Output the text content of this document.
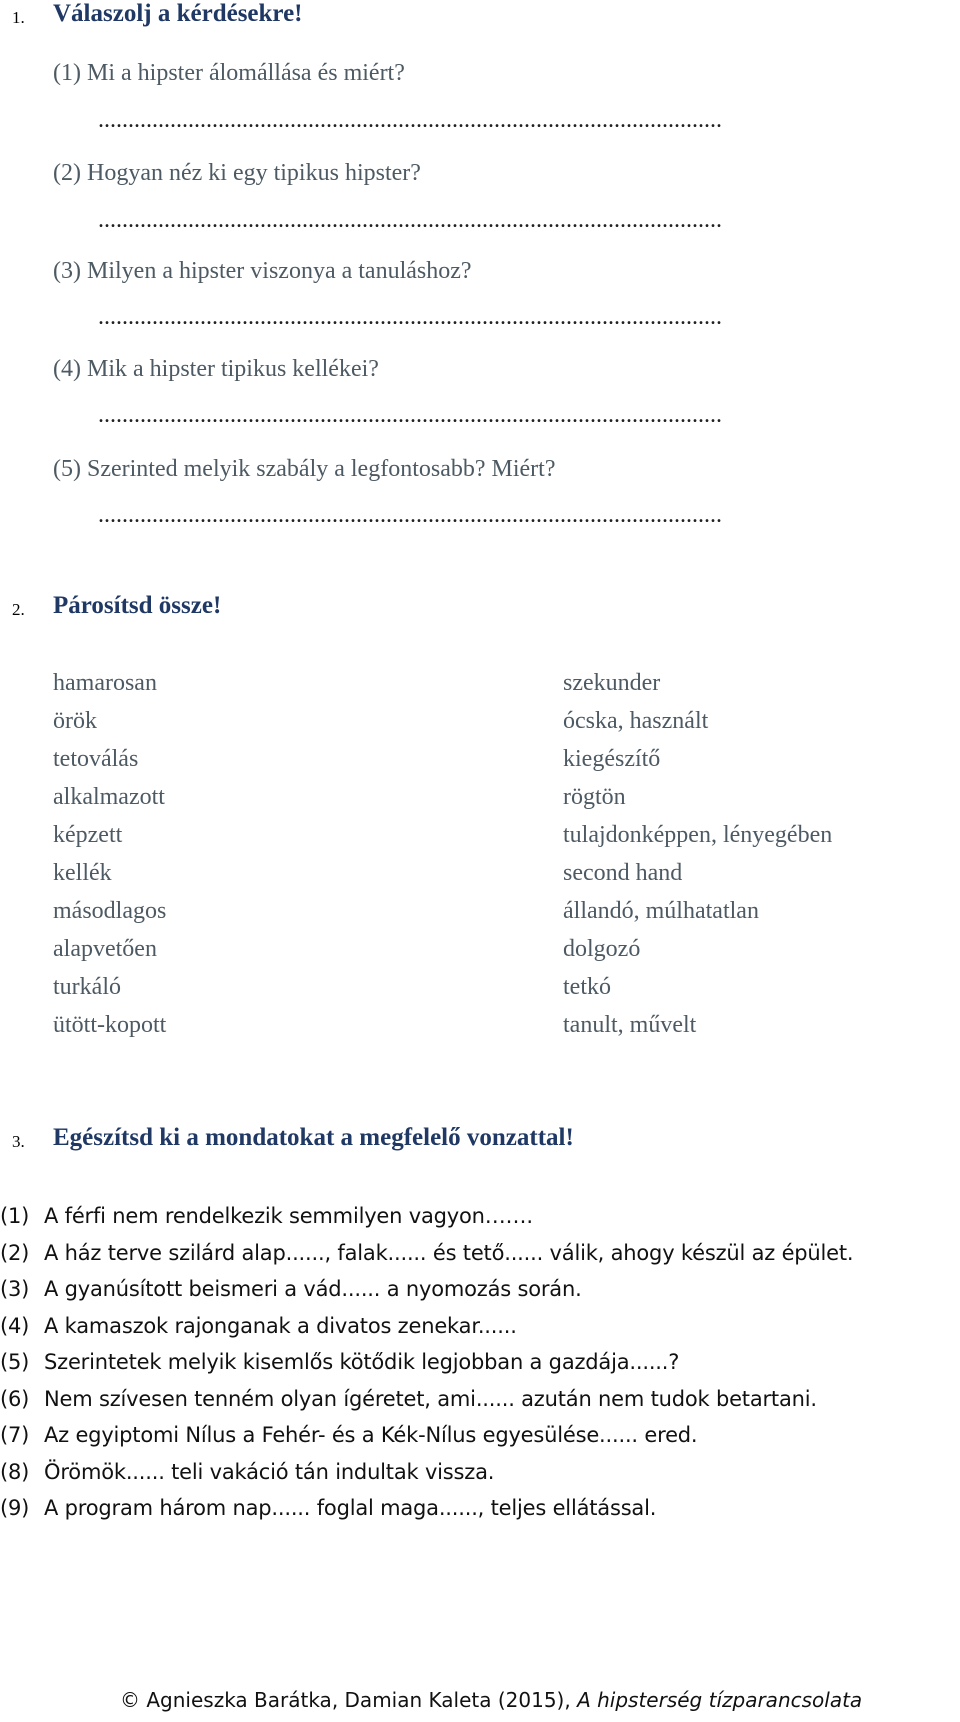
1. Válaszolj a kérdésekre!
(1) Mi a hipster álomállása és miért?
........................................................................................................
(2) Hogyan néz ki egy tipikus hipster?
........................................................................................................
(3) Milyen a hipster viszonya a tanuláshoz?
........................................................................................................
(4) Mik a hipster tipikus kellékei?
........................................................................................................
(5) Szerinted melyik szabály a legfontosabb? Miért?
........................................................................................................
2. Párosítsd össze!
hamarosan
örök
tetoválás
alkalmazott
képzett
kellék
másodlagos
alapvetően
turkáló
ütött-kopott
szekunder
ócska, használt
kiegészítő
rögtön
tulajdonképpen, lényegében
second hand
állandó, múlhatatlan
dolgozó
tetkó
tanult, művelt
3. Egészítsd ki a mondatokat a megfelelő vonzattal!
(1) A férfi nem rendelkezik semmilyen vagyon…….
(2) A ház terve szilárd alap......, falak...... és tető...... válik, ahogy készül az épület.
(3) A gyanúsított beismeri a vád...... a nyomozás során.
(4) A kamaszok rajonganak a divatos zenekar......
(5) Szerintetek melyik kisemlős kötődik legjobban a gazdája......?
(6) Nem szívesen tenném olyan ígéretet, ami...... azután nem tudok betartani.
(7) Az egyiptomi Nílus a Fehér- és a Kék-Nílus egyesülése...... ered.
(8) Örömök...... teli vakáció tán indultak vissza.
(9) A program három nap...... foglal maga......, teljes ellátással.
© Agnieszka Barátka, Damian Kaleta (2015), A hipsterség tízparancsolata
